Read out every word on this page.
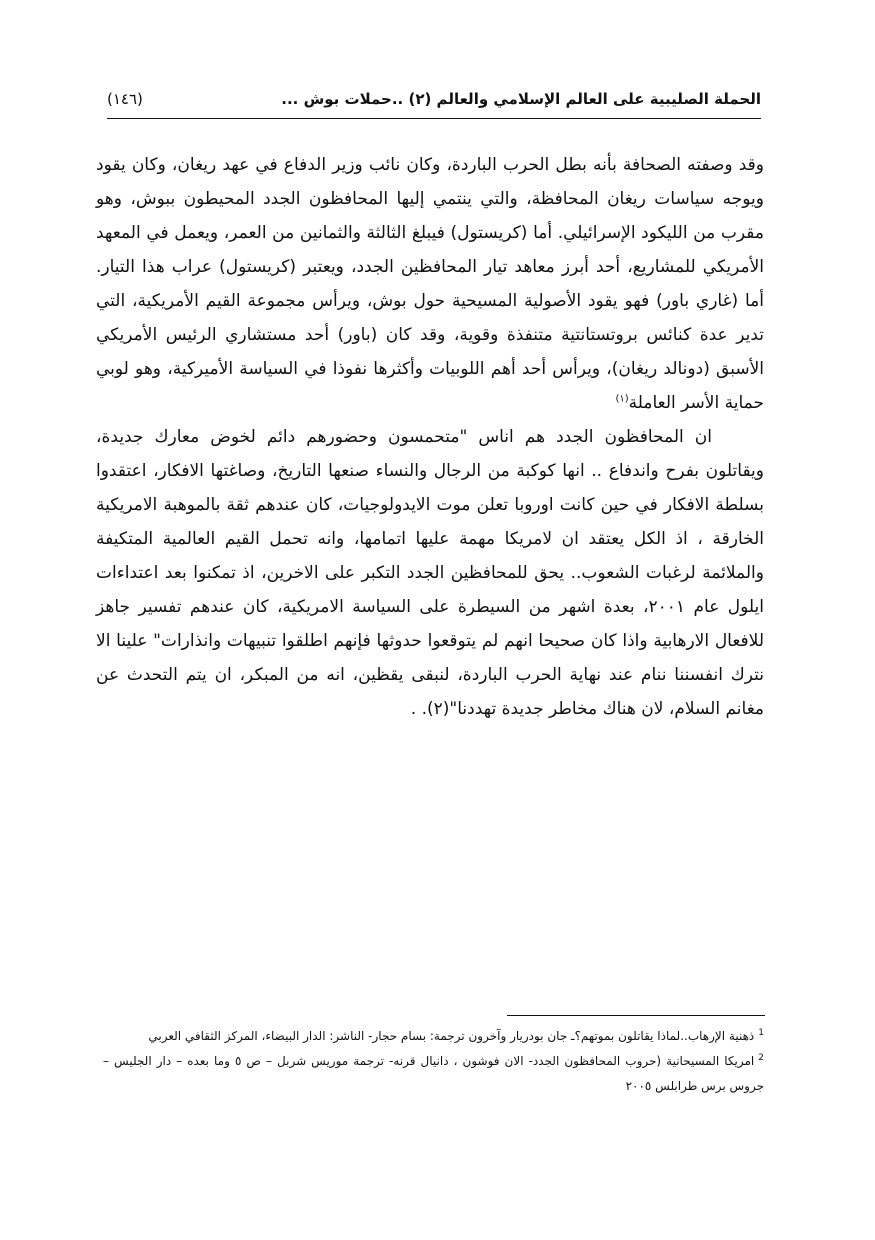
الحملة الصليبية على العالم الإسلامي والعالم (٢) ..حملات بوش ...
(١٤٦)

وقد وصفته الصحافة بأنه بطل الحرب الباردة، وكان نائب وزير الدفاع في عهد ريغان، وكان يقود ويوجه سياسات ريغان المحافظة، والتي ينتمي إليها المحافظون الجدد المحيطون ببوش، وهو مقرب من الليكود الإسرائيلي. أما (كريستول) فيبلغ الثالثة والثمانين من العمر، ويعمل في المعهد الأمريكي للمشاريع، أحد أبرز معاهد تيار المحافظين الجدد، ويعتبر (كريستول) عراب هذا التيار. أما (غاري باور) فهو يقود الأصولية المسيحية حول بوش، ويرأس مجموعة القيم الأمريكية، التي تدير عدة كنائس بروتستانتية متنفذة وقوية، وقد كان (باور) أحد مستشاري الرئيس الأمريكي الأسبق (دونالد ريغان)، ويرأس أحد أهم اللوبيات وأكثرها نفوذا في السياسة الأميركية، وهو لوبي حماية الأسر العاملة$^{(١)}$

ان المحافظون الجدد هم اناس "متحمسون وحضورهم دائم لخوض معارك جديدة، ويقاتلون بفرح واندفاع .. انها كوكبة من الرجال والنساء صنعها التاريخ، وصاغتها الافكار، اعتقدوا بسلطة الافكار في حين كانت اوروبا تعلن موت الايدولوجيات، كان عندهم ثقة بالموهبة الامريكية الخارقة ، اذ الكل يعتقد ان لامريكا مهمة عليها اتمامها، وانه تحمل القيم العالمية المتكيفة والملائمة لرغبات الشعوب.. يحق للمحافظين الجدد التكبر على الاخرين، اذ تمكنوا بعد اعتداءات ايلول عام ٢٠٠١، بعدة اشهر من السيطرة على السياسة الامريكية، كان عندهم تفسير جاهز للافعال الارهابية واذا كان صحيحا انهم لم يتوقعوا حدوثها فإنهم اطلقوا تنبيهات وانذارات" علينا الا نترك انفسننا ننام عند نهاية الحرب الباردة، لنبقى يقظين، انه من المبكر، ان يتم التحدث عن مغانم السلام، لان هناك مخاطر جديدة تهددنا"(٢). .

$^1$ذهنية الإرهاب..لماذا يقاتلون بموتهم؟ـ جان بودريار وآخرون ترجمة: بسام حجار- الناشر: الدار البيضاء، المركز الثقافي العربي

$^2$امريكا المسيحانية (حروب المحافظون الجدد- الان فوشون ، دانيال قرنه- ترجمة موريس شربل – ص ٥ وما بعده – دار الجليس –جروس برس طرابلس ٢٠٠٥
